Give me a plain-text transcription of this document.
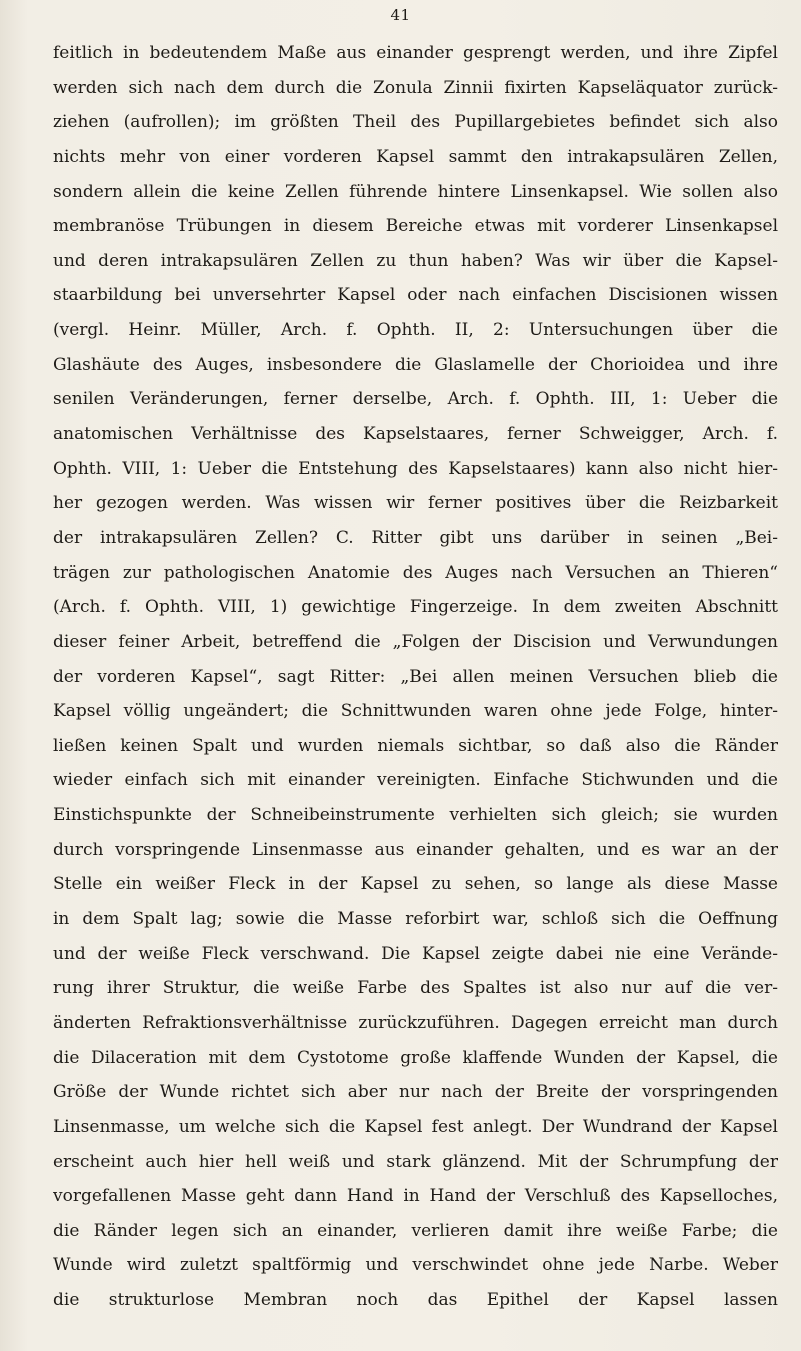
41
feitlich in bedeutendem Maße aus einander gesprengt werden, und ihre Zipfel
werden sich nach dem durch die Zonula Zinnii fixirten Kapseläquator zurück-
ziehen (aufrollen); im größten Theil des Pupillargebietes befindet sich also
nichts mehr von einer vorderen Kapsel sammt den intrakapsulären Zellen,
sondern allein die keine Zellen führende hintere Linsenkapsel. Wie sollen also
membranöse Trübungen in diesem Bereiche etwas mit vorderer Linsenkapsel
und deren intrakapsulären Zellen zu thun haben? Was wir über die Kapsel-
staarbildung bei unversehrter Kapsel oder nach einfachen Discisionen wissen
(vergl. Heinr. Müller, Arch. f. Ophth. II, 2: Untersuchungen über die
Glashäute des Auges, insbesondere die Glaslamelle der Chorioidea und ihre
senilen Veränderungen, ferner derselbe, Arch. f. Ophth. III, 1: Ueber die
anatomischen Verhältnisse des Kapselstaares, ferner Schweigger, Arch. f.
Ophth. VIII, 1: Ueber die Entstehung des Kapselstaares) kann also nicht hier-
her gezogen werden. Was wissen wir ferner positives über die Reizbarkeit
der intrakapsulären Zellen? C. Ritter gibt uns darüber in seinen „Bei-
trägen zur pathologischen Anatomie des Auges nach Versuchen an Thieren“
(Arch. f. Ophth. VIII, 1) gewichtige Fingerzeige. In dem zweiten Abschnitt
dieser feiner Arbeit, betreffend die „Folgen der Discision und Verwundungen
der vorderen Kapsel“, sagt Ritter: „Bei allen meinen Versuchen blieb die
Kapsel völlig ungeändert; die Schnittwunden waren ohne jede Folge, hinter-
ließen keinen Spalt und wurden niemals sichtbar, so daß also die Ränder
wieder einfach sich mit einander vereinigten. Einfache Stichwunden und die
Einstichspunkte der Schneibeinstrumente verhielten sich gleich; sie wurden
durch vorspringende Linsenmasse aus einander gehalten, und es war an der
Stelle ein weißer Fleck in der Kapsel zu sehen, so lange als diese Masse
in dem Spalt lag; sowie die Masse reforbirt war, schloß sich die Oeffnung
und der weiße Fleck verschwand. Die Kapsel zeigte dabei nie eine Verände-
rung ihrer Struktur, die weiße Farbe des Spaltes ist also nur auf die ver-
änderten Refraktionsverhältnisse zurückzuführen. Dagegen erreicht man durch
die Dilaceration mit dem Cystotome große klaffende Wunden der Kapsel, die
Größe der Wunde richtet sich aber nur nach der Breite der vorspringenden
Linsenmasse, um welche sich die Kapsel fest anlegt. Der Wundrand der Kapsel
erscheint auch hier hell weiß und stark glänzend. Mit der Schrumpfung der
vorgefallenen Masse geht dann Hand in Hand der Verschluß des Kapselloches,
die Ränder legen sich an einander, verlieren damit ihre weiße Farbe; die
Wunde wird zuletzt spaltförmig und verschwindet ohne jede Narbe. Weber
die strukturlose Membran noch das Epithel der Kapsel lassen
